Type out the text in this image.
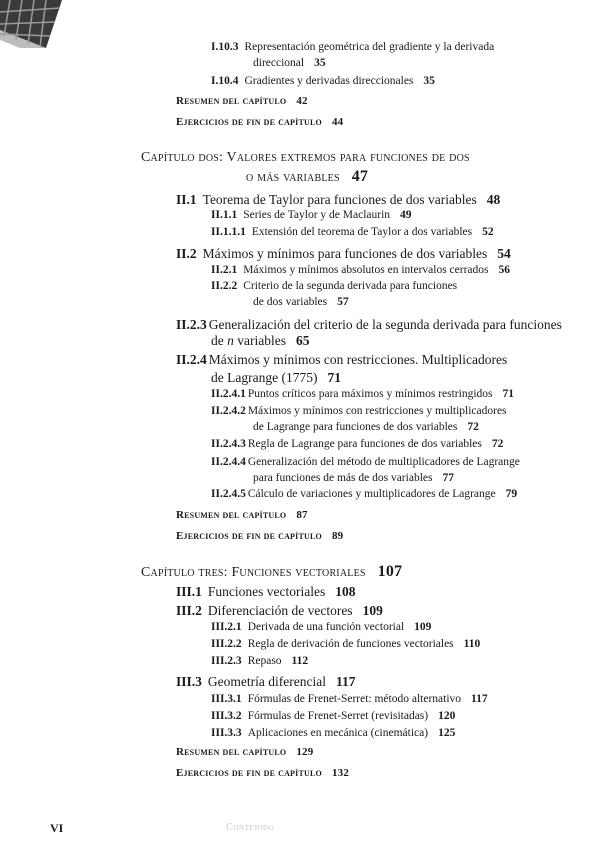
I.10.3 Representación geométrica del gradiente y la derivada
direccional 35
I.10.4 Gradientes y derivadas direccionales 35
Resumen del capítulo 42
Ejercicios de fin de capítulo 44
Capítulo dos: Valores extremos para funciones de dos
o más variables 47
II.1 Teorema de Taylor para funciones de dos variables 48
II.1.1 Series de Taylor y de Maclaurin 49
II.1.1.1 Extensión del teorema de Taylor a dos variables 52
II.2 Máximos y mínimos para funciones de dos variables 54
II.2.1 Máximos y mínimos absolutos en intervalos cerrados 56
II.2.2 Criterio de la segunda derivada para funciones
de dos variables 57
II.2.3 Generalización del criterio de la segunda derivada para funciones
de n variables 65
II.2.4 Máximos y mínimos con restricciones. Multiplicadores
de Lagrange (1775) 71
II.2.4.1 Puntos críticos para máximos y mínimos restringidos 71
II.2.4.2 Máximos y mínimos con restricciones y multiplicadores
de Lagrange para funciones de dos variables 72
II.2.4.3 Regla de Lagrange para funciones de dos variables 72
II.2.4.4 Generalización del método de multiplicadores de Lagrange
para funciones de más de dos variables 77
II.2.4.5 Cálculo de variaciones y multiplicadores de Lagrange 79
Resumen del capítulo 87
Ejercicios de fin de capítulo 89
Capítulo tres: Funciones vectoriales 107
III.1 Funciones vectoriales 108
III.2 Diferenciación de vectores 109
III.2.1 Derivada de una función vectorial 109
III.2.2 Regla de derivación de funciones vectoriales 110
III.2.3 Repaso 112
III.3 Geometría diferencial 117
III.3.1 Fórmulas de Frenet-Serret: método alternativo 117
III.3.2 Fórmulas de Frenet-Serret (revisitadas) 120
III.3.3 Aplicaciones en mecánica (cinemática) 125
Resumen del capítulo 129
Ejercicios de fin de capítulo 132
VI	Contenido
